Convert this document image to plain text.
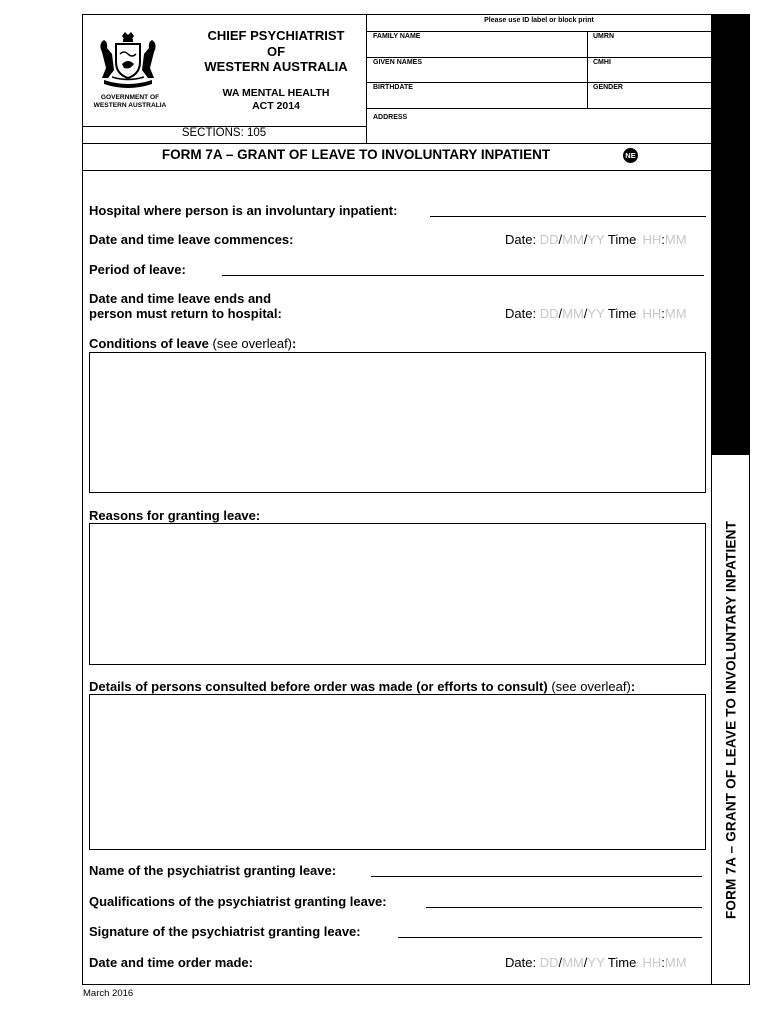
FORM 7A – GRANT OF LEAVE TO INVOLUNTARY INPATIENT
GOVERNMENT OF
WESTERN AUSTRALIA
CHIEF PSYCHIATRIST
OF
WESTERN AUSTRALIA
WA MENTAL HEALTH
ACT 2014
SECTIONS: 105
Please use ID label or block print
FAMILY NAME	UMRN
GIVEN NAMES	CMHI
BIRTHDATE	GENDER
ADDRESS
FORM 7A – GRANT OF LEAVE TO INVOLUNTARY INPATIENT	NE
Hospital where person is an involuntary inpatient:
Date and time leave commences:	Date: DD/MM/YY Time: HH:MM
Period of leave:
Date and time leave ends and
person must return to hospital:	Date: DD/MM/YY Time: HH:MM
Conditions of leave (see overleaf):
Reasons for granting leave:
Details of persons consulted before order was made (or efforts to consult) (see overleaf):
Name of the psychiatrist granting leave:
Qualifications of the psychiatrist granting leave:
Signature of the psychiatrist granting leave:
Date and time order made:	Date: DD/MM/YY Time: HH:MM
March 2016
